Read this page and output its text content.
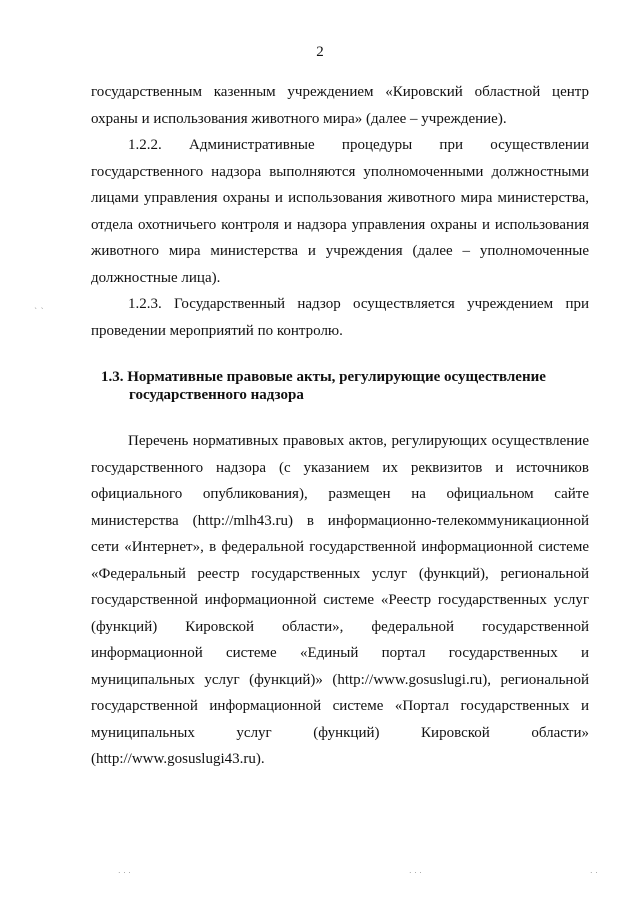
2

государственным казенным учреждением «Кировский областной центр охраны и использования животного мира» (далее – учреждение).

1.2.2. Административные процедуры при осуществлении государственного надзора выполняются уполномоченными должностными лицами управления охраны и использования животного мира министерства, отдела охотничьего контроля и надзора управления охраны и использования животного мира министерства и учреждения (далее – уполномоченные должностные лица).

1.2.3. Государственный надзор осуществляется учреждением при проведении мероприятий по контролю.

1.3. Нормативные правовые акты, регулирующие осуществление государственного надзора

Перечень нормативных правовых актов, регулирующих осуществление государственного надзора (с указанием их реквизитов и источников официального опубликования), размещен на официальном сайте министерства (http://mlh43.ru) в информационно-телекоммуникационной сети «Интернет», в федеральной государственной информационной системе «Федеральный реестр государственных услуг (функций), региональной государственной информационной системе «Реестр государственных услуг (функций) Кировской области», федеральной государственной информационной системе «Единый портал государственных и муниципальных услуг (функций)» (http://www.gosuslugi.ru), региональной государственной информационной системе «Портал государственных и муниципальных услуг (функций) Кировской области» (http://www.gosuslugi43.ru).

` `
. . .	. . .	. .
